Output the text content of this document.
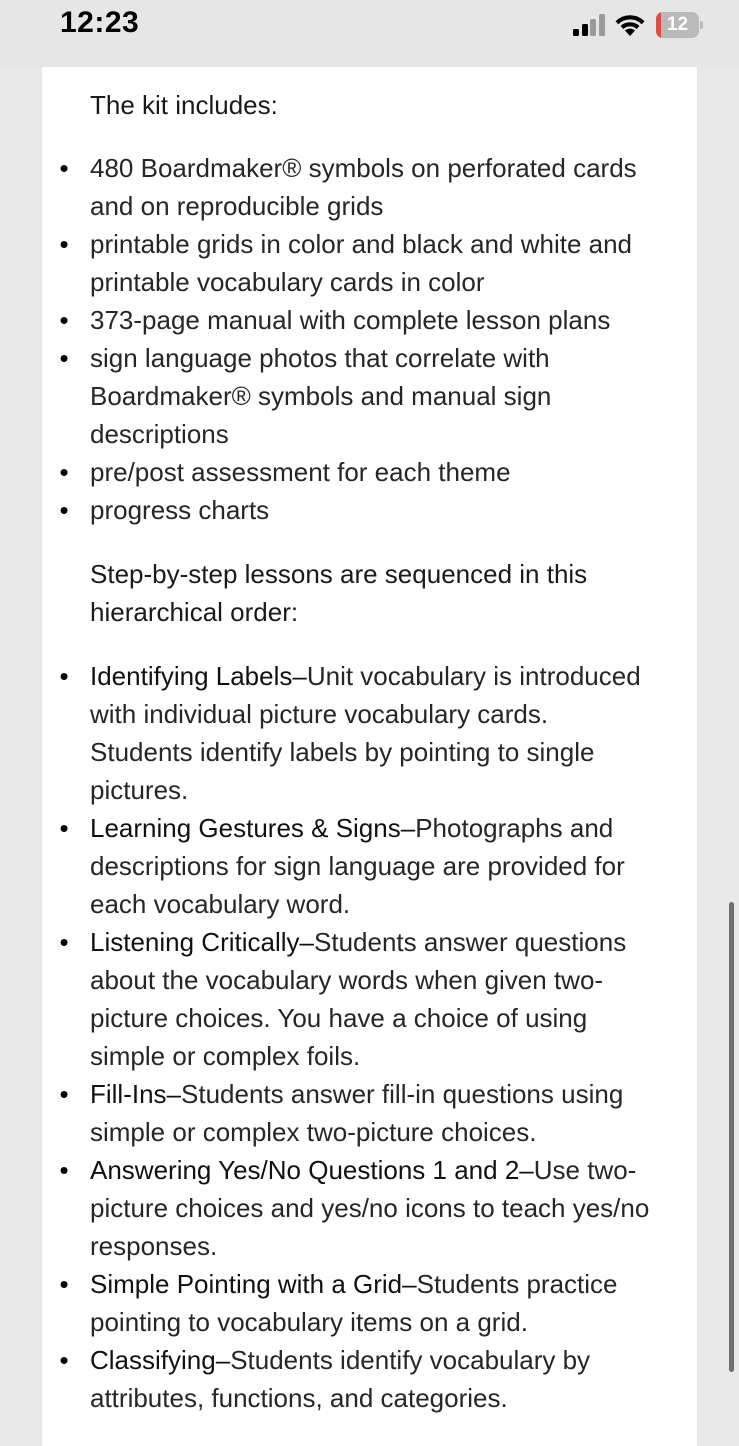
12:23	12
The kit includes:
• 480 Boardmaker® symbols on perforated cards and on reproducible grids
• printable grids in color and black and white and printable vocabulary cards in color
• 373-page manual with complete lesson plans
• sign language photos that correlate with Boardmaker® symbols and manual sign descriptions
• pre/post assessment for each theme
• progress charts
Step-by-step lessons are sequenced in this hierarchical order:
• Identifying Labels–Unit vocabulary is introduced with individual picture vocabulary cards. Students identify labels by pointing to single pictures.
• Learning Gestures & Signs–Photographs and descriptions for sign language are provided for each vocabulary word.
• Listening Critically–Students answer questions about the vocabulary words when given two-picture choices. You have a choice of using simple or complex foils.
• Fill-Ins–Students answer fill-in questions using simple or complex two-picture choices.
• Answering Yes/No Questions 1 and 2–Use two-picture choices and yes/no icons to teach yes/no responses.
• Simple Pointing with a Grid–Students practice pointing to vocabulary items on a grid.
• Classifying–Students identify vocabulary by attributes, functions, and categories.
